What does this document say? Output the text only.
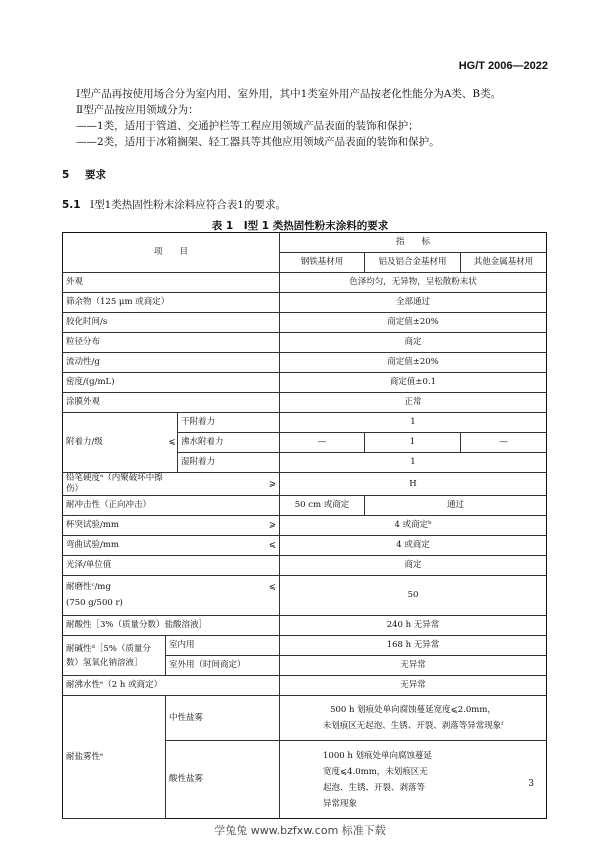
HG/T 2006—2022
Ⅰ型产品再按使用场合分为室内用、室外用，其中1类室外用产品按老化性能分为A类、B类。
Ⅱ型产品按应用领域分为：
——1类，适用于管道、交通护栏等工程应用领域产品表面的装饰和保护；
——2类，适用于冰箱搁架、轻工器具等其他应用领域产品表面的装饰和保护。
5 要求
5.1 Ⅰ型1类热固性粉末涂料应符合表1的要求。
表 1　Ⅰ型 1 类热固性粉末涂料的要求
项　　目			指　　标		
			钢铁基材用	铝及铝合金基材用	其他金属基材用
外观			色泽均匀，无异物，呈松散粉末状		
筛余物（125 μm 或商定）			全部通过		
胶化时间/s			商定值±20%		
粒径分布			商定		
流动性/g			商定值±20%		
密度/(g/mL)			商定值±0.1		
涂膜外观			正常		
附着力/级	⩽	干附着力	1		
		沸水附着力	—	1	—
		湿附着力	1		
铅笔硬度ᵃ（内聚破坏中擦伤）		⩾	H		
耐冲击性（正向冲击）			50 cm 或商定	通过	
杯突试验/mm		⩾	4 或商定ᵇ		
弯曲试验/mm		⩽	4 或商定		
光泽/单位值			商定		

耐磨性ᶜ/mg
(750 g/500 r)		⩽	50		
耐酸性［3%（质量分数）盐酸溶液］			240 h 无异常		
耐碱性ᵈ［5%（质量分数）氢氧化钠溶液］	室内用		168 h 无异常		
	室外用（时间商定）		无异常		
耐沸水性ᵉ（2 h 或商定）			无异常		
耐盐雾性ᵉ	中性盐雾		500 h 划痕处单向腐蚀蔓延宽度⩽2.0mm，
未划痕区无起泡、生锈、开裂、剥落等异常现象ᶠ		

	酸性盐雾		1000 h 划痕处单向腐蚀蔓延
宽度⩽4.0mm，未划痕区无
起泡、生锈、开裂、剥落等
异常现象		
3
学兔兔 www.bzfxw.com 标准下载
